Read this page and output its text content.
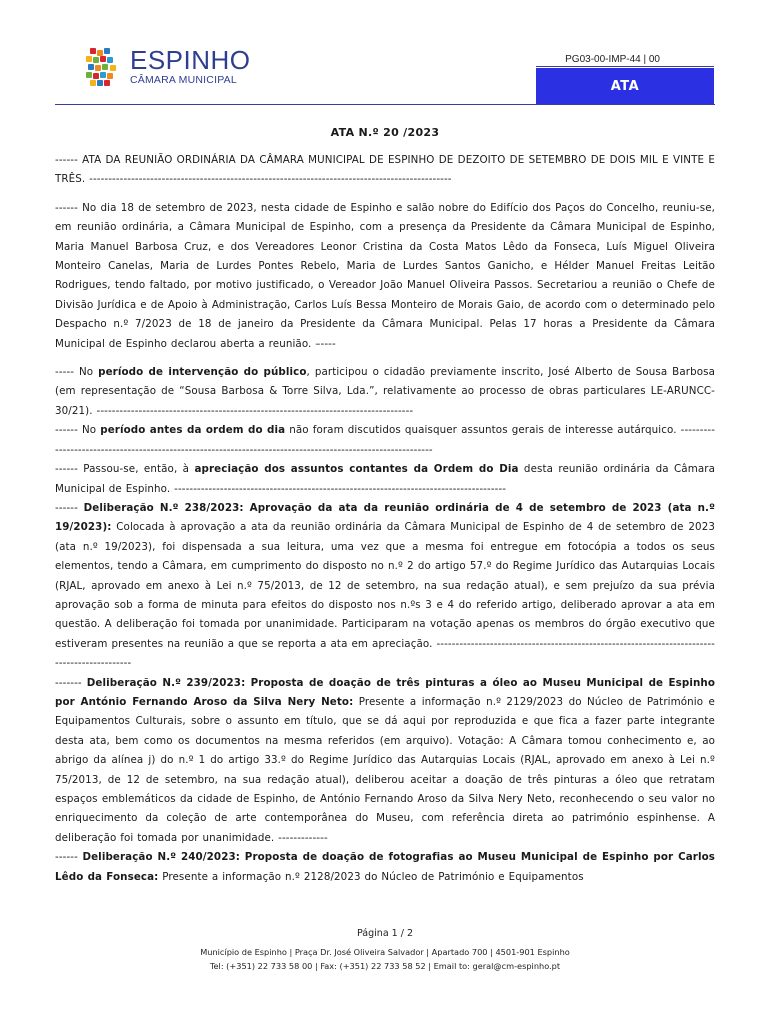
ESPINHO
CÂMARA MUNICIPAL
PG03-00-IMP-44 | 00
ATA
ATA N.º 20 /2023

------ ATA DA REUNIÃO ORDINÁRIA DA CÂMARA MUNICIPAL DE ESPINHO DE DEZOITO DE SETEMBRO DE DOIS MIL E VINTE E TRÊS. -----------------------------------------------------------------------------------------------

------ No dia 18 de setembro de 2023, nesta cidade de Espinho e salão nobre do Edifício dos Paços do Concelho, reuniu-se, em reunião ordinária, a Câmara Municipal de Espinho, com a presença da Presidente da Câmara Municipal de Espinho, Maria Manuel Barbosa Cruz, e dos Vereadores Leonor Cristina da Costa Matos Lêdo da Fonseca, Luís Miguel Oliveira Monteiro Canelas, Maria de Lurdes Pontes Rebelo, Maria de Lurdes Santos Ganicho, e Hélder Manuel Freitas Leitão Rodrigues, tendo faltado, por motivo justificado, o Vereador João Manuel Oliveira Passos. Secretariou a reunião o Chefe de Divisão Jurídica e de Apoio à Administração, Carlos Luís Bessa Monteiro de Morais Gaio, de acordo com o determinado pelo Despacho n.º 7/2023 de 18 de janeiro da Presidente da Câmara Municipal. Pelas 17 horas a Presidente da Câmara Municipal de Espinho declarou aberta a reunião. –----

----- No período de intervenção do público, participou o cidadão previamente inscrito, José Alberto de Sousa Barbosa (em representação de “Sousa Barbosa & Torre Silva, Lda.”, relativamente ao processo de obras particulares LE-ARUNCC-30/21). -----------------------------------------------------------------------------------

------ No período antes da ordem do dia não foram discutidos quaisquer assuntos gerais de interesse autárquico. ------------------------------------------------------------------------------------------------------------

------ Passou-se, então, à apreciação dos assuntos contantes da Ordem do Dia desta reunião ordinária da Câmara Municipal de Espinho. ---------------------------------------------------------------------------------------

------ Deliberação N.º 238/2023: Aprovação da ata da reunião ordinária de 4 de setembro de 2023 (ata n.º 19/2023): Colocada à aprovação a ata da reunião ordinária da Câmara Municipal de Espinho de 4 de setembro de 2023 (ata n.º 19/2023), foi dispensada a sua leitura, uma vez que a mesma foi entregue em fotocópia a todos os seus elementos, tendo a Câmara, em cumprimento do disposto no n.º 2 do artigo 57.º do Regime Jurídico das Autarquias Locais (RJAL, aprovado em anexo à Lei n.º 75/2013, de 12 de setembro, na sua redação atual), e sem prejuízo da sua prévia aprovação sob a forma de minuta para efeitos do disposto nos n.ºs 3 e 4 do referido artigo, deliberado aprovar a ata em questão. A deliberação foi tomada por unanimidade. Participaram na votação apenas os membros do órgão executivo que estiveram presentes na reunião a que se reporta a ata em apreciação. ---------------------------------------------------------------------------------------------

------- Deliberação N.º 239/2023: Proposta de doação de três pinturas a óleo ao Museu Municipal de Espinho por António Fernando Aroso da Silva Nery Neto: Presente a informação n.º 2129/2023 do Núcleo de Património e Equipamentos Culturais, sobre o assunto em título, que se dá aqui por reproduzida e que fica a fazer parte integrante desta ata, bem como os documentos na mesma referidos (em arquivo). Votação: A Câmara tomou conhecimento e, ao abrigo da alínea j) do n.º 1 do artigo 33.º do Regime Jurídico das Autarquias Locais (RJAL, aprovado em anexo à Lei n.º 75/2013, de 12 de setembro, na sua redação atual), deliberou aceitar a doação de três pinturas a óleo que retratam espaços emblemáticos da cidade de Espinho, de António Fernando Aroso da Silva Nery Neto, reconhecendo o seu valor no enriquecimento da coleção de arte contemporânea do Museu, com referência direta ao património espinhense. A deliberação foi tomada por unanimidade. -------------

------ Deliberação N.º 240/2023: Proposta de doação de fotografias ao Museu Municipal de Espinho por Carlos Lêdo da Fonseca: Presente a informação n.º 2128/2023 do Núcleo de Património e Equipamentos

Página 1 / 2
Município de Espinho | Praça Dr. José Oliveira Salvador | Apartado 700 | 4501-901 Espinho
Tel: (+351) 22 733 58 00 | Fax: (+351) 22 733 58 52 | Email to: geral@cm-espinho.pt
